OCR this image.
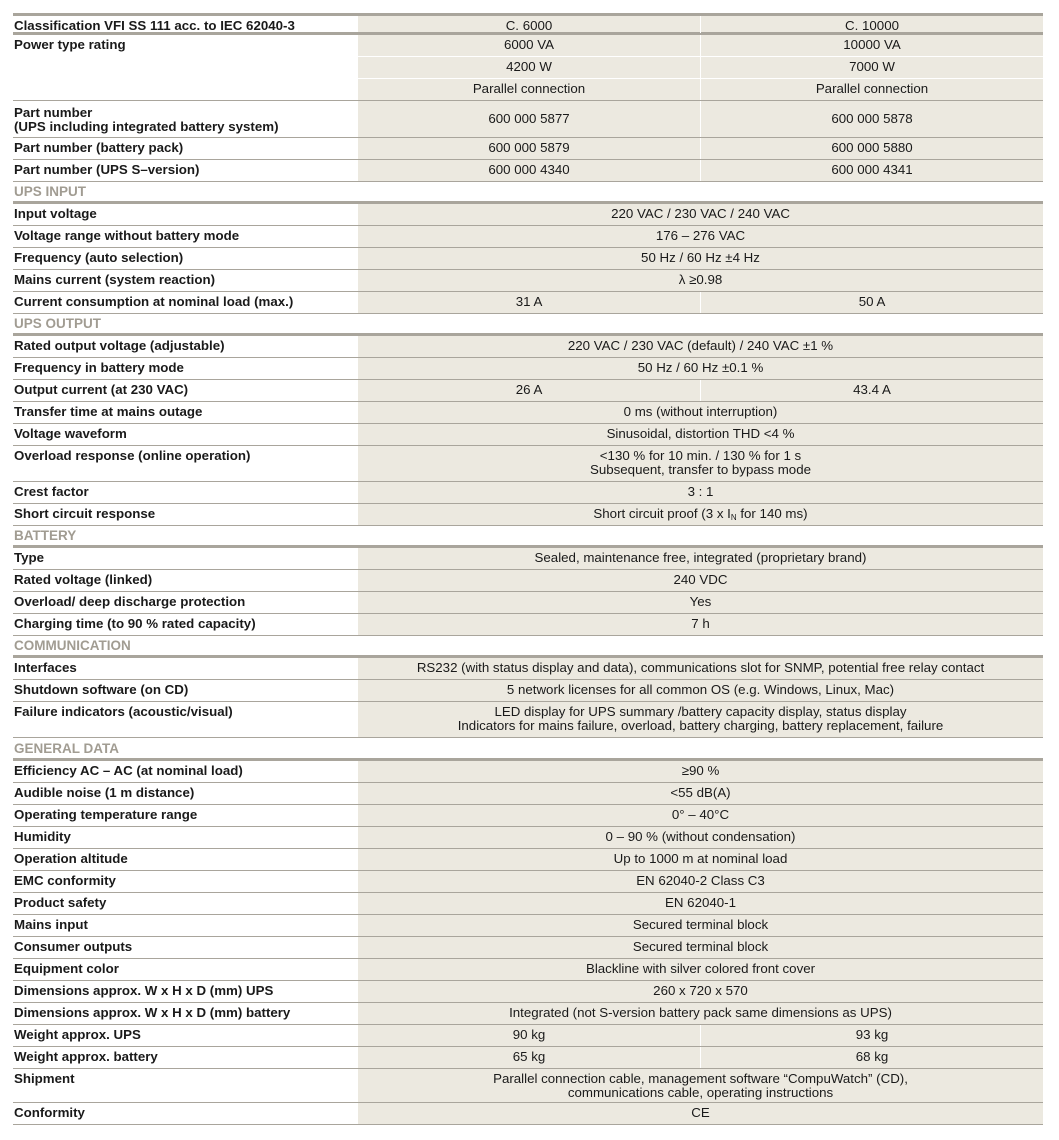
Classification VFI SS 111 acc. to IEC 62040-3	C. 6000	C. 10000
Power type rating	6000 VA	10000 VA
4200 W	7000 W
Parallel connection	Parallel connection
Part number
(UPS including integrated battery system)
600 000 5877	600 000 5878
Part number (battery pack)	600 000 5879	600 000 5880
Part number (UPS S–version)	600 000 4340	600 000 4341
UPS INPUT
Input voltage	220 VAC / 230 VAC / 240 VAC
Voltage range without battery mode	176 – 276 VAC
Frequency (auto selection)	50 Hz / 60 Hz ±4 Hz
Mains current (system reaction)	λ ≥0.98
Current consumption at nominal load (max.)	31 A	50 A
UPS OUTPUT
Rated output voltage (adjustable)	220 VAC / 230 VAC (default) / 240 VAC ±1 %
Frequency in battery mode	50 Hz / 60 Hz ±0.1 %
Output current (at 230 VAC)	26 A	43.4 A
Transfer time at mains outage	0 ms (without interruption)
Voltage waveform	Sinusoidal, distortion THD <4 %
Overload response (online operation)	<130 % for 10 min. / 130 % for 1 s
Subsequent, transfer to bypass mode
Crest factor	3 : 1
Short circuit response	Short circuit proof (3 x $I_N$ for 140 ms)
BATTERY
Type	Sealed, maintenance free, integrated (proprietary brand)
Rated voltage (linked)	240 VDC
Overload/ deep discharge protection	Yes
Charging time (to 90 % rated capacity)	7 h
COMMUNICATION
Interfaces	RS232 (with status display and data), communications slot for SNMP, potential free relay contact
Shutdown software (on CD)	5 network licenses for all common OS (e.g. Windows, Linux, Mac)
Failure indicators (acoustic/visual)	LED display for UPS summary /battery capacity display, status display
Indicators for mains failure, overload, battery charging, battery replacement, failure
GENERAL DATA
Efficiency AC – AC (at nominal load)	≥90 %
Audible noise (1 m distance)	<55 dB(A)
Operating temperature range	0° – 40°C
Humidity	0 – 90 % (without condensation)
Operation altitude	Up to 1000 m at nominal load
EMC conformity	EN 62040-2 Class C3
Product safety	EN 62040-1
Mains input	Secured terminal block
Consumer outputs	Secured terminal block
Equipment color	Blackline with silver colored front cover
Dimensions approx. W x H x D (mm) UPS	260 x 720 x 570
Dimensions approx. W x H x D (mm) battery	Integrated (not S-version battery pack same dimensions as UPS)
Weight approx. UPS	90 kg	93 kg
Weight approx. battery	65 kg	68 kg
Shipment	Parallel connection cable, management software “CompuWatch” (CD),
communications cable, operating instructions
Conformity	CE
